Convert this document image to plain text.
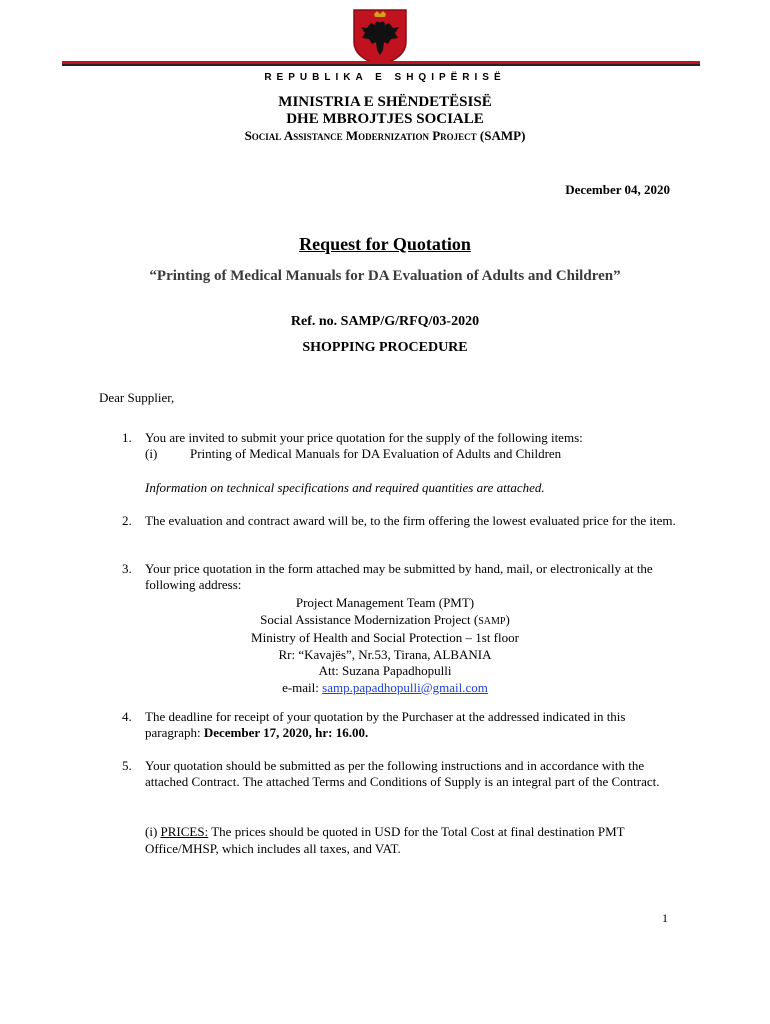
REPUBLIKA E SHQIPËRISË
MINISTRIA E SHËNDETËSISË
DHE MBROJTJES SOCIALE
Social Assistance Modernization Project (SAMP)
December 04, 2020
Request for Quotation
“Printing of Medical Manuals for DA Evaluation of Adults and Children”
Ref. no. SAMP/G/RFQ/03-2020
SHOPPING PROCEDURE
Dear Supplier,
1.	You are invited to submit your price quotation for the supply of the following items:
(i)	Printing of Medical Manuals for DA Evaluation of Adults and Children
Information on technical specifications and required quantities are attached.
2.	The evaluation and contract award will be, to the firm offering the lowest evaluated price for the item.
3.	Your price quotation in the form attached may be submitted by hand, mail, or electronically at the following address:
Project Management Team (PMT)
Social Assistance Modernization Project (SAMP)
Ministry of Health and Social Protection – 1st floor
Rr: “Kavajës”, Nr.53, Tirana, ALBANIA
Att: Suzana Papadhopulli
e-mail: samp.papadhopulli@gmail.com
4.	The deadline for receipt of your quotation by the Purchaser at the addressed indicated in this paragraph: December 17, 2020, hr: 16.00.
5.	Your quotation should be submitted as per the following instructions and in accordance with the attached Contract. The attached Terms and Conditions of Supply is an integral part of the Contract.
(i) PRICES: The prices should be quoted in USD for the Total Cost at final destination PMT Office/MHSP, which includes all taxes, and VAT.
1
